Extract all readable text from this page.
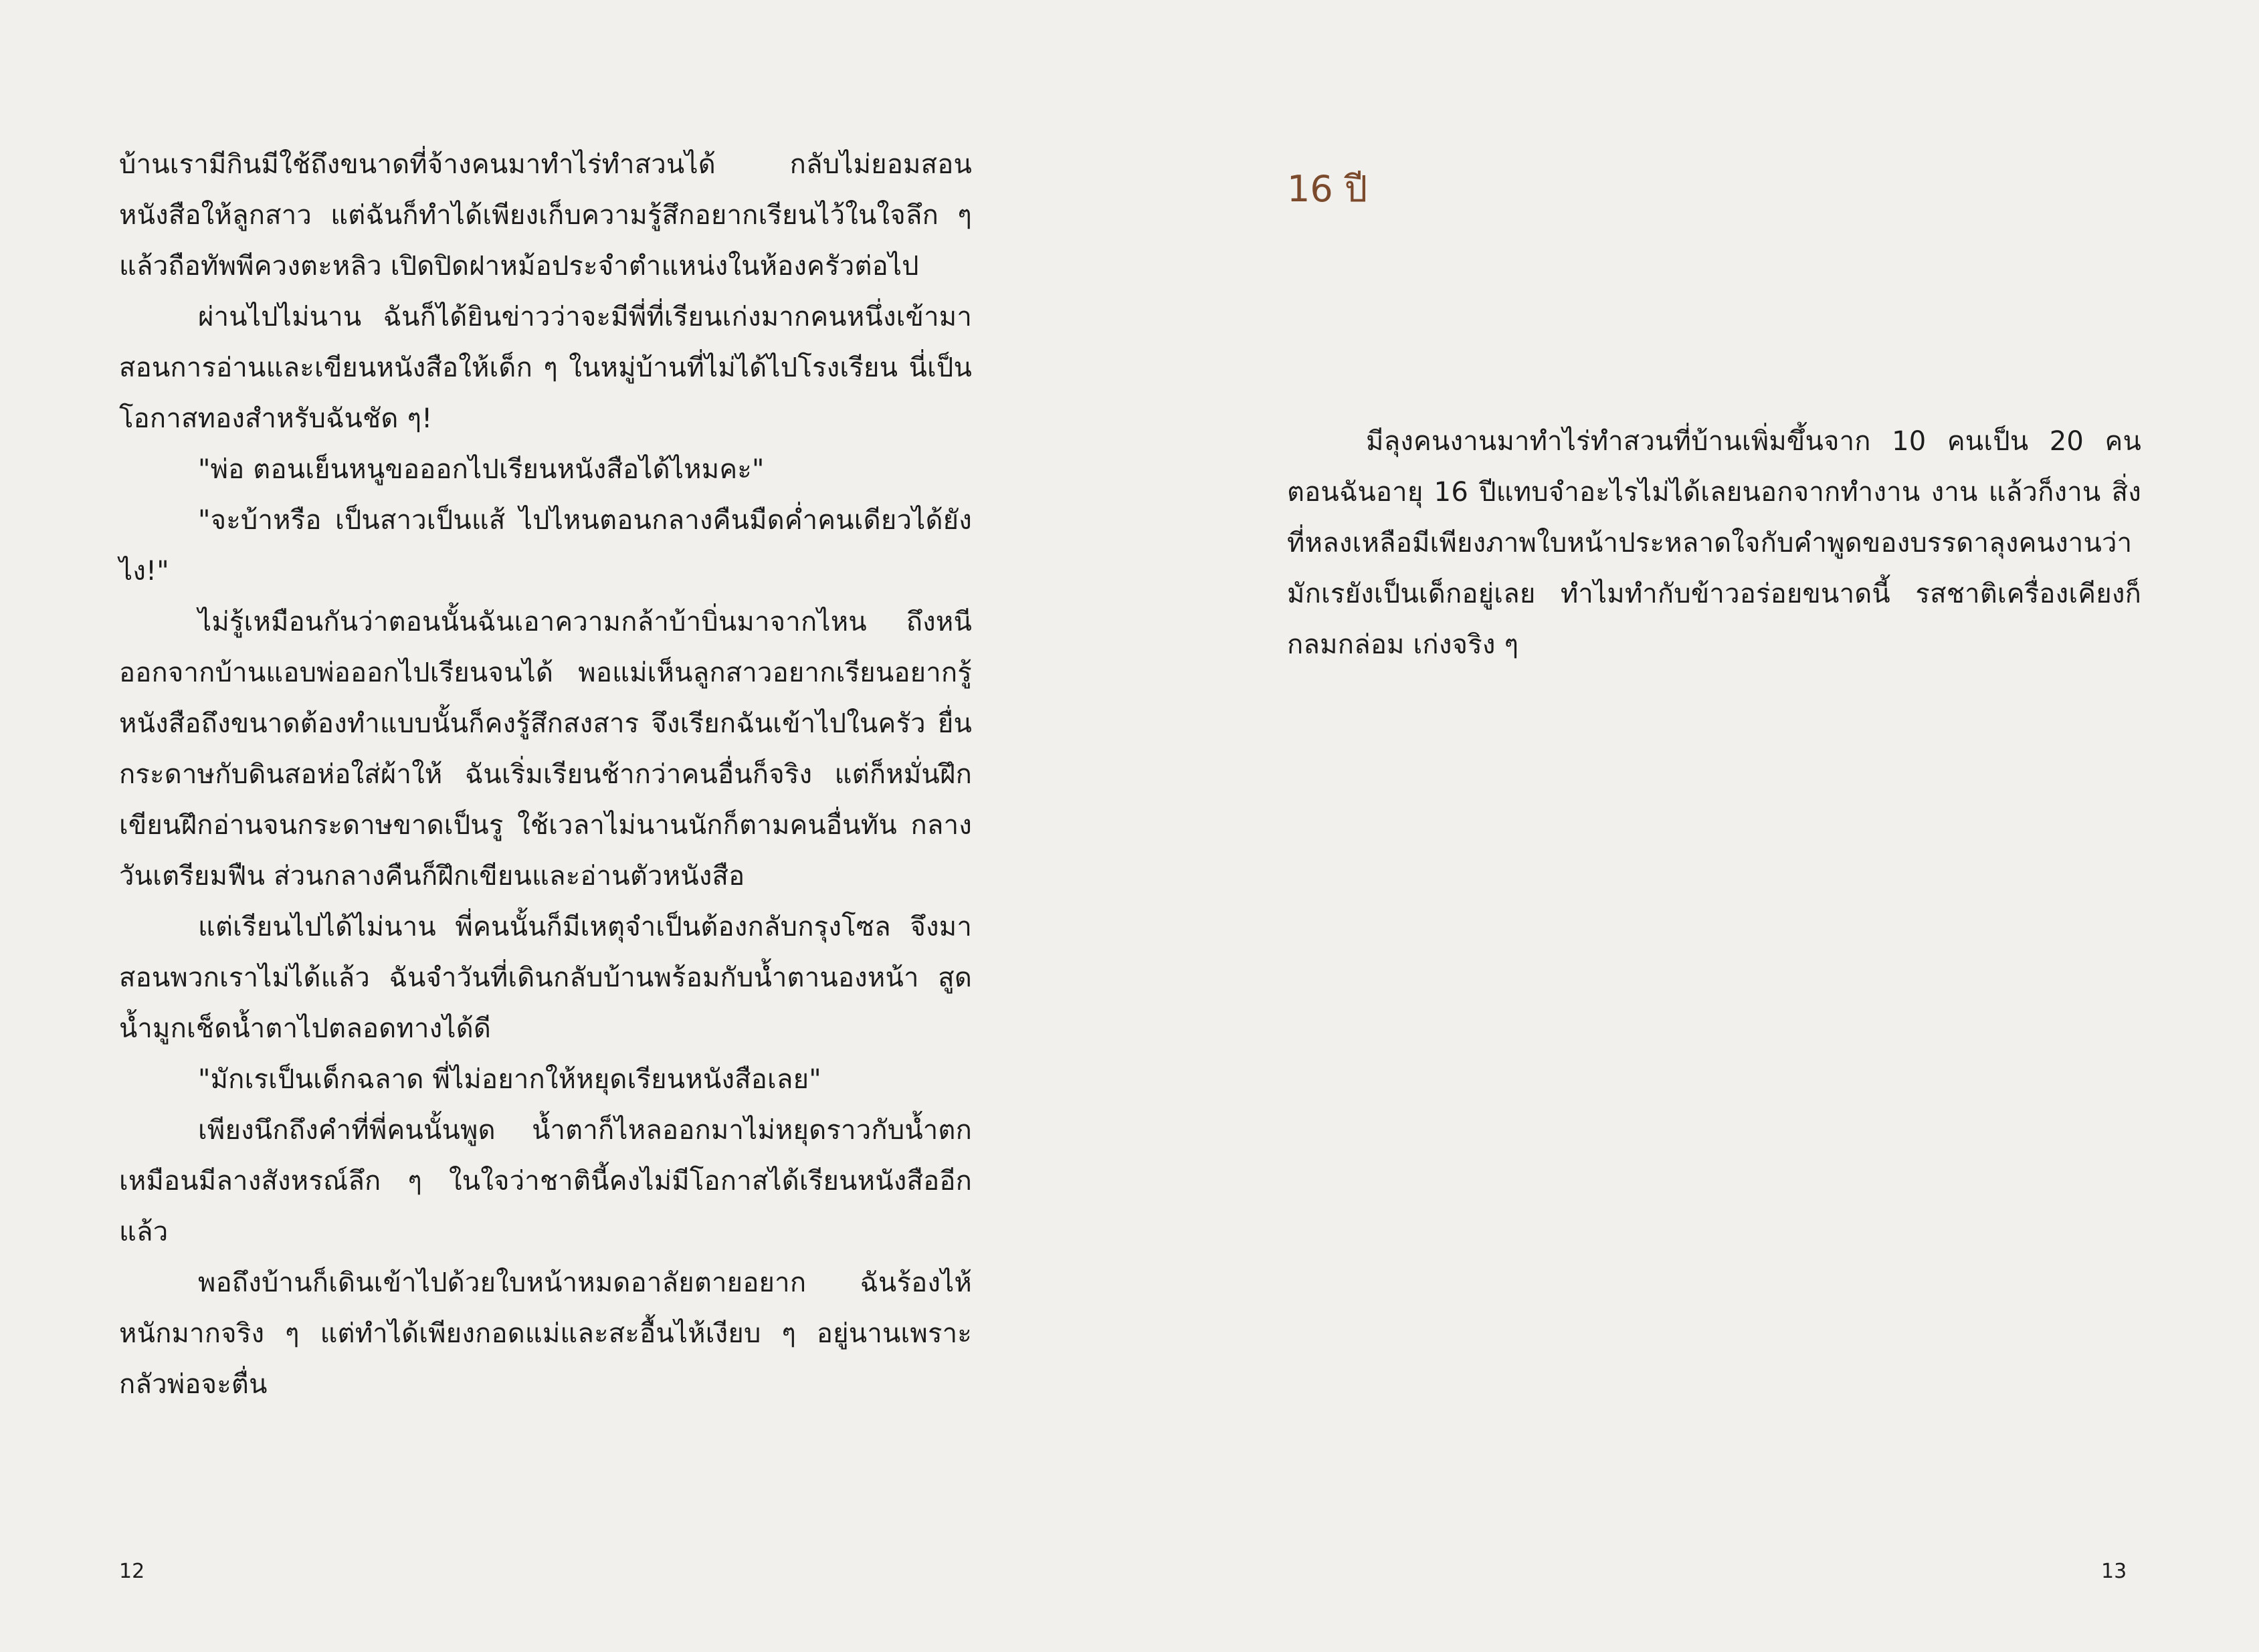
บ้านเรามีกินมีใช้ถึงขนาดที่จ้างคนมาทำไร่ทำสวนได้ กลับไม่ยอมสอนหนังสือให้ลูกสาว แต่ฉันก็ทำได้เพียงเก็บความรู้สึกอยากเรียนไว้ในใจลึก ๆ แล้วถือทัพพีควงตะหลิว เปิดปิดฝาหม้อประจำตำแหน่งในห้องครัวต่อไป

ผ่านไปไม่นาน ฉันก็ได้ยินข่าวว่าจะมีพี่ที่เรียนเก่งมากคนหนึ่งเข้ามาสอนการอ่านและเขียนหนังสือให้เด็ก ๆ ในหมู่บ้านที่ไม่ได้ไปโรงเรียน นี่เป็นโอกาสทองสำหรับฉันชัด ๆ!

"พ่อ ตอนเย็นหนูขอออกไปเรียนหนังสือได้ไหมคะ"

"จะบ้าหรือ เป็นสาวเป็นแส้ ไปไหนตอนกลางคืนมืดค่ำคนเดียวได้ยังไง!"

ไม่รู้เหมือนกันว่าตอนนั้นฉันเอาความกล้าบ้าบิ่นมาจากไหน ถึงหนีออกจากบ้านแอบพ่อออกไปเรียนจนได้ พอแม่เห็นลูกสาวอยากเรียนอยากรู้หนังสือถึงขนาดต้องทำแบบนั้นก็คงรู้สึกสงสาร จึงเรียกฉันเข้าไปในครัว ยื่นกระดาษกับดินสอห่อใส่ผ้าให้ ฉันเริ่มเรียนช้ากว่าคนอื่นก็จริง แต่ก็หมั่นฝึกเขียนฝึกอ่านจนกระดาษขาดเป็นรู ใช้เวลาไม่นานนักก็ตามคนอื่นทัน กลางวันเตรียมฟืน ส่วนกลางคืนก็ฝึกเขียนและอ่านตัวหนังสือ

แต่เรียนไปได้ไม่นาน พี่คนนั้นก็มีเหตุจำเป็นต้องกลับกรุงโซล จึงมาสอนพวกเราไม่ได้แล้ว ฉันจำวันที่เดินกลับบ้านพร้อมกับน้ำตานองหน้า สูดน้ำมูกเช็ดน้ำตาไปตลอดทางได้ดี

"มักเรเป็นเด็กฉลาด พี่ไม่อยากให้หยุดเรียนหนังสือเลย"

เพียงนึกถึงคำที่พี่คนนั้นพูด น้ำตาก็ไหลออกมาไม่หยุดราวกับน้ำตกเหมือนมีลางสังหรณ์ลึก ๆ ในใจว่าชาตินี้คงไม่มีโอกาสได้เรียนหนังสืออีกแล้ว

พอถึงบ้านก็เดินเข้าไปด้วยใบหน้าหมดอาลัยตายอยาก ฉันร้องไห้หนักมากจริง ๆ แต่ทำได้เพียงกอดแม่และสะอื้นไห้เงียบ ๆ อยู่นานเพราะกลัวพ่อจะตื่น

12
16 ปี

มีลุงคนงานมาทำไร่ทำสวนที่บ้านเพิ่มขึ้นจาก 10 คนเป็น 20 คน ตอนฉันอายุ 16 ปีแทบจำอะไรไม่ได้เลยนอกจากทำงาน งาน แล้วก็งาน สิ่งที่หลงเหลือมีเพียงภาพใบหน้าประหลาดใจกับคำพูดของบรรดาลุงคนงานว่ามักเรยังเป็นเด็กอยู่เลย ทำไมทำกับข้าวอร่อยขนาดนี้ รสชาติเครื่องเคียงก็กลมกล่อม เก่งจริง ๆ

13
